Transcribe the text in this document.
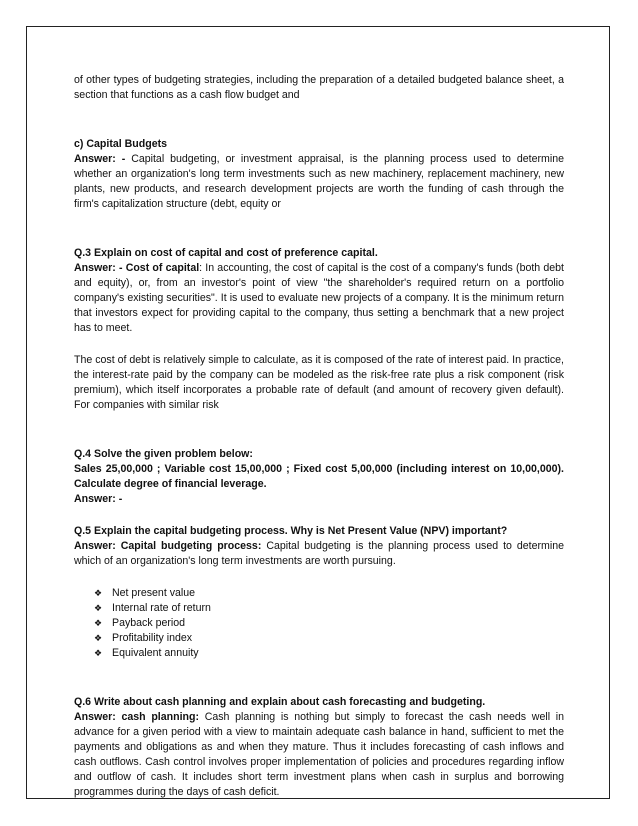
of other types of budgeting strategies, including the preparation of a detailed budgeted balance sheet, a section that functions as a cash flow budget and

c) Capital Budgets

Answer: - Capital budgeting, or investment appraisal, is the planning process used to determine whether an organization's long term investments such as new machinery, replacement machinery, new plants, new products, and research development projects are worth the funding of cash through the firm's capitalization structure (debt, equity or

Q.3 Explain on cost of capital and cost of preference capital.

Answer: - Cost of capital: In accounting, the cost of capital is the cost of a company's funds (both debt and equity), or, from an investor's point of view "the shareholder's required return on a portfolio company's existing securities". It is used to evaluate new projects of a company. It is the minimum return that investors expect for providing capital to the company, thus setting a benchmark that a new project has to meet.

The cost of debt is relatively simple to calculate, as it is composed of the rate of interest paid. In practice, the interest-rate paid by the company can be modeled as the risk-free rate plus a risk component (risk premium), which itself incorporates a probable rate of default (and amount of recovery given default). For companies with similar risk

Q.4 Solve the given problem below:

Sales 25,00,000 ; Variable cost 15,00,000 ; Fixed cost 5,00,000 (including interest on 10,00,000). Calculate degree of financial leverage.

Answer: -

Q.5 Explain the capital budgeting process. Why is Net Present Value (NPV) important?

Answer: Capital budgeting process: Capital budgeting is the planning process used to determine which of an organization's long term investments are worth pursuing.

❖ Net present value
❖ Internal rate of return
❖ Payback period
❖ Profitability index
❖ Equivalent annuity

Q.6 Write about cash planning and explain about cash forecasting and budgeting.

Answer: cash planning: Cash planning is nothing but simply to forecast the cash needs well in advance for a given period with a view to maintain adequate cash balance in hand, sufficient to met the payments and obligations as and when they mature. Thus it includes forecasting of cash inflows and cash outflows. Cash control involves proper implementation of policies and procedures regarding inflow and outflow of cash. It includes short term investment plans when cash in surplus and borrowing programmes during the days of cash deficit.
